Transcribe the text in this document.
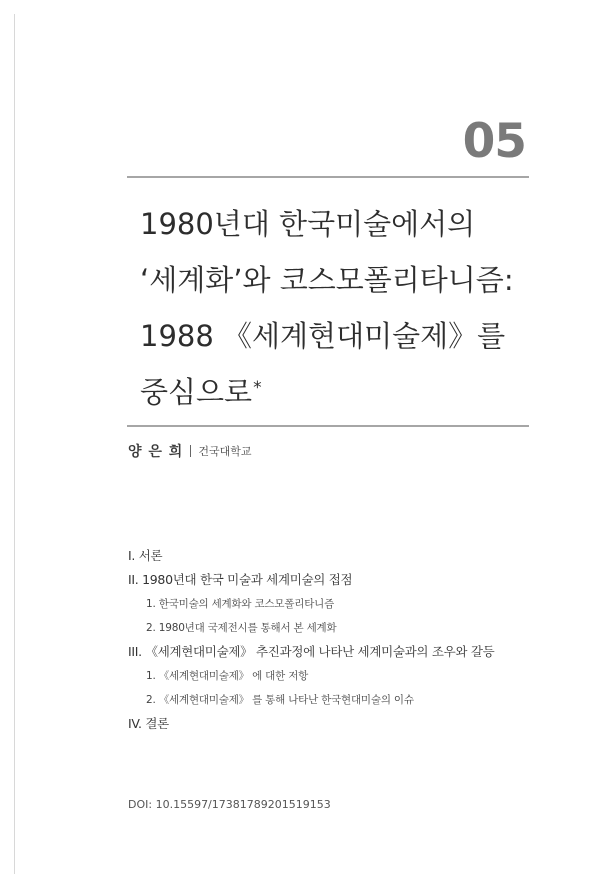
05
1980년대 한국미술에서의
‘세계화’와 코스모폴리타니즘:
1988 《세계현대미술제》를
중심으로*
양 은 희 건국대학교
I. 서론
II. 1980년대 한국 미술과 세계미술의 접점
1. 한국미술의 세계화와 코스모폴리타니즘
2. 1980년대 국제전시를 통해서 본 세계화
III. 《세계현대미술제》 추진과정에 나타난 세계미술과의 조우와 갈등
1. 《세계현대미술제》 에 대한 저항
2. 《세계현대미술제》 를 통해 나타난 한국현대미술의 이슈
IV. 결론
DOI: 10.15597/17381789201519153
